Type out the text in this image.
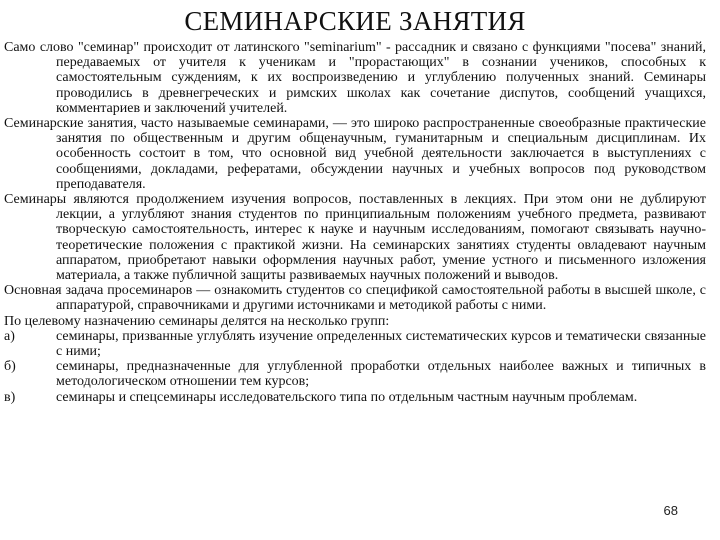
СЕМИНАРСКИЕ ЗАНЯТИЯ

Само слово "семинар" происходит от латинского "seminarium" - рассадник и связано с функциями "посева" знаний, передаваемых от учителя к ученикам и "прорастающих" в сознании учеников, способных к самостоятельным суждениям, к их воспроизведению и углублению полученных знаний. Семинары проводились в древнегреческих и римских школах как сочетание диспутов, сообщений учащихся, комментариев и заключений учителей.

Семинарские занятия, часто называемые семинарами, — это широко распространенные своеобразные практические занятия по общественным и другим общенаучным, гуманитарным и специальным дисциплинам. Их особенность состоит в том, что основной вид учебной деятельности заключается в выступлениях с сообщениями, докладами, рефератами, обсуждении научных и учебных вопросов под руководством преподавателя.

Семинары являются продолжением изучения вопросов, поставленных в лекциях. При этом они не дублируют лекции, а углубляют знания студентов по принципиальным положениям учебного предмета, развивают творческую самостоятельность, интерес к науке и научным исследованиям, помогают связывать научно-теоретические положения с практикой жизни. На семинарских занятиях студенты овладевают научным аппаратом, приобретают навыки оформления научных работ, умение устного и письменного изложения материала, а также публичной защиты развиваемых научных положений и выводов.

Основная задача просеминаров — ознакомить студентов со спецификой самостоятельной работы в высшей школе, с аппаратурой, справочниками и другими источниками и методикой работы с ними.

По целевому назначению семинары делятся на несколько групп:

а)	семинары, призванные углублять изучение определенных систематических курсов и тематически связанные с ними;
б)	семинары, предназначенные для углубленной проработки отдельных наиболее важных и типичных в методологическом отношении тем курсов;
в)	семинары и спецсеминары исследовательского типа по отдельным частным научным проблемам.
68
